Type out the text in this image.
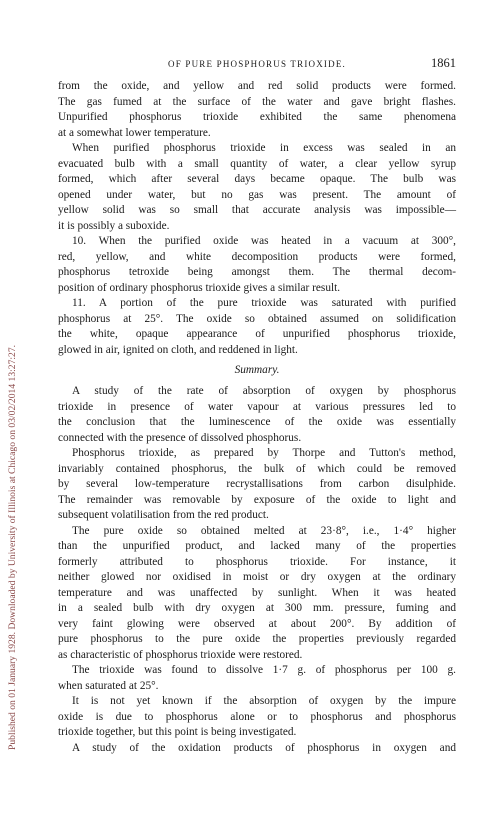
Published on 01 January 1928. Downloaded by University of Illinois at Chicago on 03/02/2014 13:27:27.
OF PURE PHOSPHORUS TRIOXIDE.	1861
from the oxide, and yellow and red solid products were formed.
The gas fumed at the surface of the water and gave bright flashes.
Unpurified phosphorus trioxide exhibited the same phenomena
at a somewhat lower temperature.
When purified phosphorus trioxide in excess was sealed in an
evacuated bulb with a small quantity of water, a clear yellow syrup
formed, which after several days became opaque. The bulb was
opened under water, but no gas was present. The amount of
yellow solid was so small that accurate analysis was impossible—
it is possibly a suboxide.
10. When the purified oxide was heated in a vacuum at 300°,
red, yellow, and white decomposition products were formed,
phosphorus tetroxide being amongst them. The thermal decom-
position of ordinary phosphorus trioxide gives a similar result.
11. A portion of the pure trioxide was saturated with purified
phosphorus at 25°. The oxide so obtained assumed on solidification
the white, opaque appearance of unpurified phosphorus trioxide,
glowed in air, ignited on cloth, and reddened in light.
Summary.
A study of the rate of absorption of oxygen by phosphorus
trioxide in presence of water vapour at various pressures led to
the conclusion that the luminescence of the oxide was essentially
connected with the presence of dissolved phosphorus.
Phosphorus trioxide, as prepared by Thorpe and Tutton's method,
invariably contained phosphorus, the bulk of which could be removed
by several low-temperature recrystallisations from carbon disulphide.
The remainder was removable by exposure of the oxide to light and
subsequent volatilisation from the red product.
The pure oxide so obtained melted at 23·8°, i.e., 1·4° higher
than the unpurified product, and lacked many of the properties
formerly attributed to phosphorus trioxide. For instance, it
neither glowed nor oxidised in moist or dry oxygen at the ordinary
temperature and was unaffected by sunlight. When it was heated
in a sealed bulb with dry oxygen at 300 mm. pressure, fuming and
very faint glowing were observed at about 200°. By addition of
pure phosphorus to the pure oxide the properties previously regarded
as characteristic of phosphorus trioxide were restored.
The trioxide was found to dissolve 1·7 g. of phosphorus per 100 g.
when saturated at 25°.
It is not yet known if the absorption of oxygen by the impure
oxide is due to phosphorus alone or to phosphorus and phosphorus
trioxide together, but this point is being investigated.
A study of the oxidation products of phosphorus in oxygen and
